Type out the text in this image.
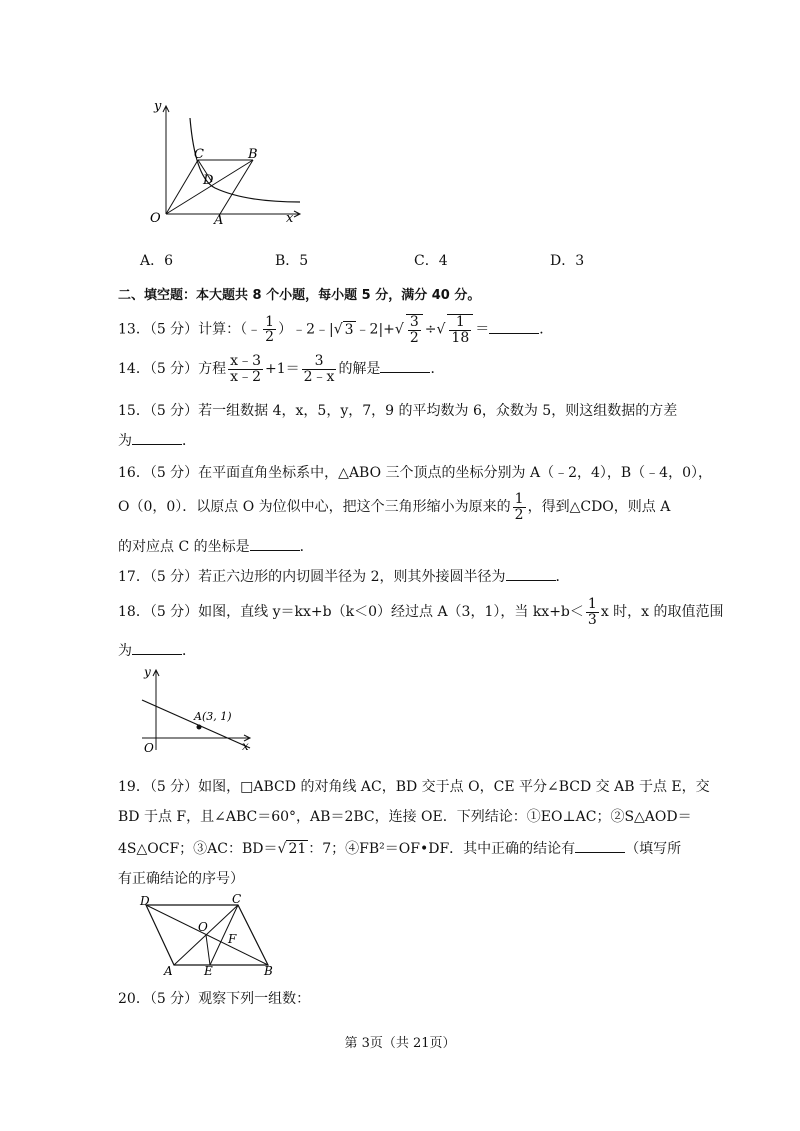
y
x
O	A
B
C
D
A．6	B．5	C．4	D．3
二、填空题：本大题共 8 个小题，每小题 5 分，满分 40 分。
13．（5 分）计算：（﹣ $\frac{1}{2}$ ）﹣2﹣|√ 3 ﹣2|+√ $\frac{3}{2}$ ÷√ $\frac{1}{18}$ ＝	．
14．（5 分）方程 $\frac{x﹣3}{x﹣2} +1= \frac{3}{2﹣x}$ 的解是	．
15．（5 分）若一组数据 4，x，5，y，7，9 的平均数为 6，众数为 5，则这组数据的方差
为	．
16．（5 分）在平面直角坐标系中，△ABO 三个顶点的坐标分别为 A（﹣2，4），B（﹣4，0），
O（0，0）．以原点 O 为位似中心，把这个三角形缩小为原来的 $\frac{1}{2}$ ，得到△CDO，则点 A
的对应点 C 的坐标是	．
17．（5 分）若正六边形的内切圆半径为 2，则其外接圆半径为	．
18．（5 分）如图，直线 y＝kx+b（k＜0）经过点 A（3，1），当 $kx+b< \frac{1}{3}$ x 时，x 的取值范围
为	．
y
x
O
A(3, 1)
19．（5 分）如图，□ABCD 的对角线 AC，BD 交于点 O，CE 平分∠BCD 交 AB 于点 E，交
BD 于点 F，且∠ABC＝60°，AB＝2BC，连接 OE．下列结论：①EO⊥AC；②S△AOD＝
4S△OCF；③AC：BD＝√ 21 ：7；④FB²＝OF•DF．其中正确的结论有	（填写所
有正确结论的序号）
D	C
A	B
E
O
F
20．（5 分）观察下列一组数：
第 3页（共 21页）
